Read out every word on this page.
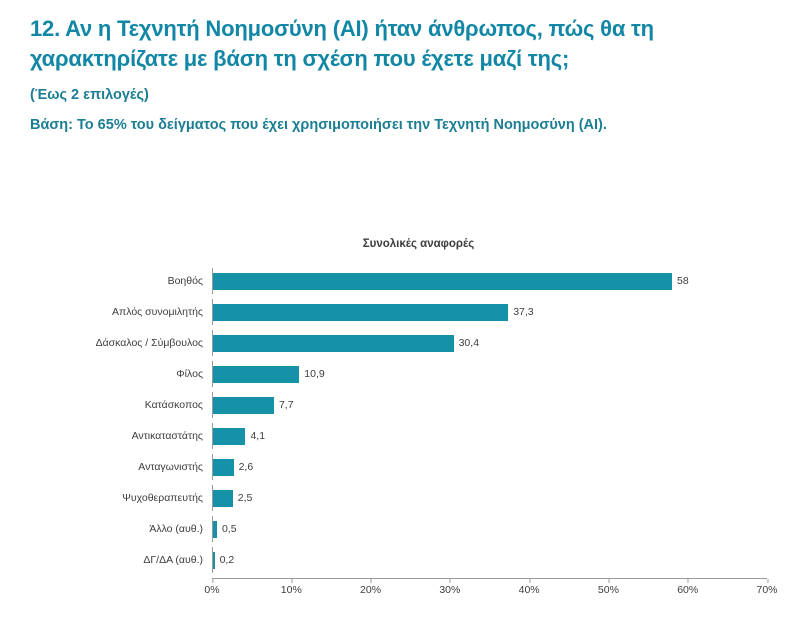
12. Αν η Τεχνητή Νοημοσύνη (AI) ήταν άνθρωπος, πώς θα τη χαρακτηρίζατε με βάση τη σχέση που έχετε μαζί της;
(Έως 2 επιλογές)
Βάση: Το 65% του δείγματος που έχει χρησιμοποιήσει την Τεχνητή Νοημοσύνη (ΑΙ).
Συνολικές αναφορές
Βοηθός	58
Απλός συνομιλητής	37,3
Δάσκαλος / Σύμβουλος	30,4
Φίλος	10,9
Κατάσκοπος	7,7
Αντικαταστάτης	4,1
Ανταγωνιστής	2,6
Ψυχοθεραπευτής	2,5
Άλλο (αυθ.)	0,5
ΔΓ/ΔΑ (αυθ.)	0,2
0%	10%	20%	30%	40%	50%	60%	70%
